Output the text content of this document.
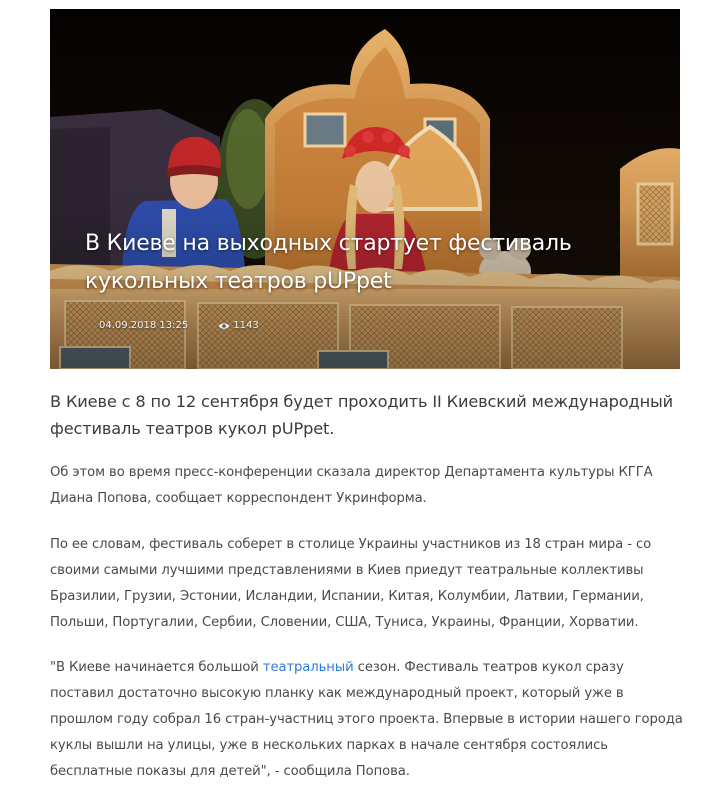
В Киеве на выходных стартует фестиваль кукольных театров pUPpet
04.09.2018 13:25	1143

В Киеве с 8 по 12 сентября будет проходить II Киевский международный фестиваль театров кукол pUPpet.

Об этом во время пресс-конференции сказала директор Департамента культуры КГГА Диана Попова, сообщает корреспондент Укринформа.

По ее словам, фестиваль соберет в столице Украины участников из 18 стран мира - со своими самыми лучшими представлениями в Киев приедут театральные коллективы Бразилии, Грузии, Эстонии, Исландии, Испании, Китая, Колумбии, Латвии, Германии, Польши, Португалии, Сербии, Словении, США, Туниса, Украины, Франции, Хорватии.

"В Киеве начинается большой театральный сезон. Фестиваль театров кукол сразу поставил достаточно высокую планку как международный проект, который уже в прошлом году собрал 16 стран-участниц этого проекта. Впервые в истории нашего города куклы вышли на улицы, уже в нескольких парках в начале сентября состоялись бесплатные показы для детей", - сообщила Попова.
